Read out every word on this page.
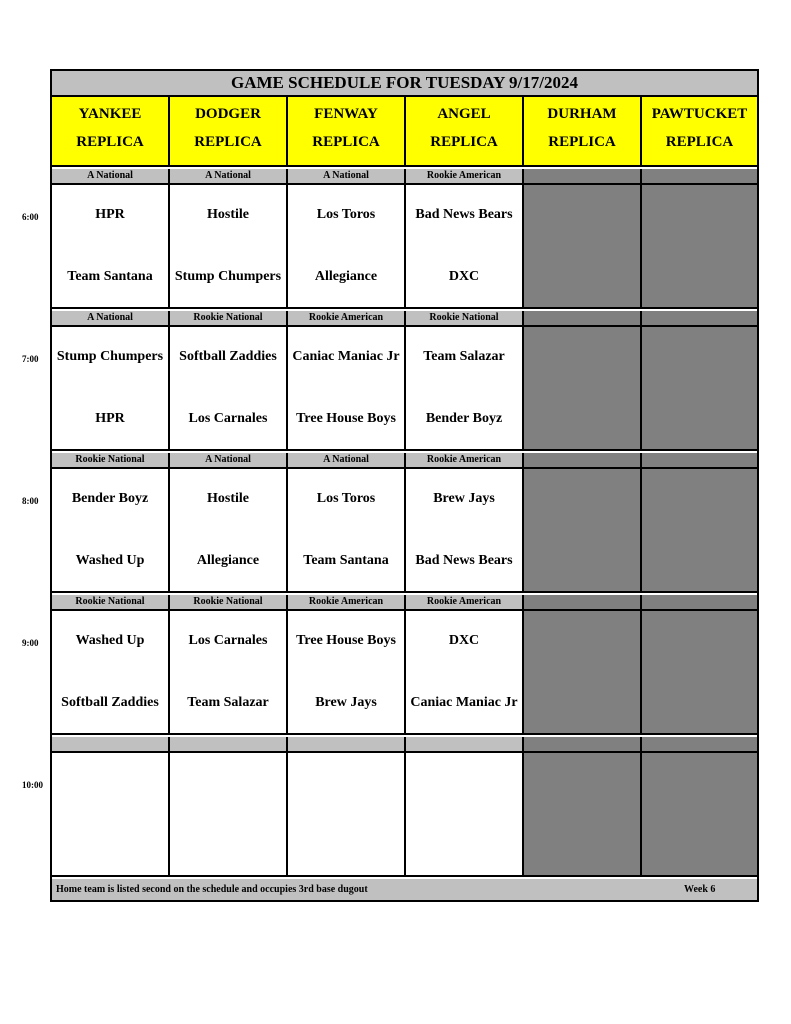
GAME SCHEDULE FOR TUESDAY 9/17/2024
YANKEE
REPLICA
DODGER
REPLICA
FENWAY
REPLICA
ANGEL
REPLICA
DURHAM
REPLICA
PAWTUCKET
REPLICA
A National
HPR
Team Santana
A National
Hostile
Stump Chumpers
A National
Los Toros
Allegiance
Rookie American
Bad News Bears
DXC
A National
Stump Chumpers
HPR
Rookie National
Softball Zaddies
Los Carnales
Rookie American
Caniac Maniac Jr
Tree House Boys
Rookie National
Team Salazar
Bender Boyz
Rookie National
Bender Boyz
Washed Up
A National
Hostile
Allegiance
A National
Los Toros
Team Santana
Rookie American
Brew Jays
Bad News Bears
Rookie National
Washed Up
Softball Zaddies
Rookie National
Los Carnales
Team Salazar
Rookie American
Tree House Boys
Brew Jays
Rookie American
DXC
Caniac Maniac Jr
Home team is listed second on the schedule and occupies 3rd base dugout	Week 6
6:00
7:00
8:00
9:00
10:00
